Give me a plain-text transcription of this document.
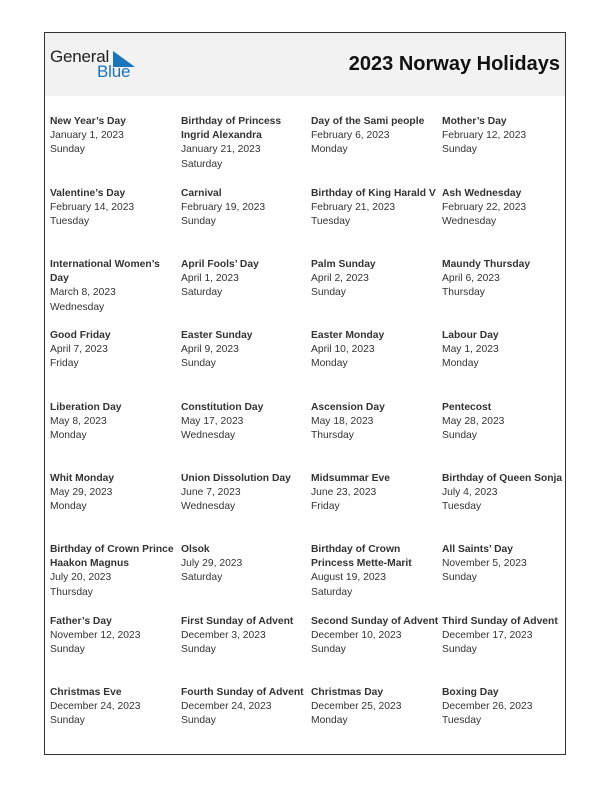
General
Blue	2023 Norway Holidays
New Year’s Day
January 1, 2023
Sunday
Birthday of Princess Ingrid Alexandra
January 21, 2023
Saturday
Day of the Sami people
February 6, 2023
Monday
Mother’s Day
February 12, 2023
Sunday
Valentine’s Day
February 14, 2023
Tuesday
Carnival
February 19, 2023
Sunday
Birthday of King Harald V
February 21, 2023
Tuesday
Ash Wednesday
February 22, 2023
Wednesday
International Women’s Day
March 8, 2023
Wednesday
April Fools’ Day
April 1, 2023
Saturday
Palm Sunday
April 2, 2023
Sunday
Maundy Thursday
April 6, 2023
Thursday
Good Friday
April 7, 2023
Friday
Easter Sunday
April 9, 2023
Sunday
Easter Monday
April 10, 2023
Monday
Labour Day
May 1, 2023
Monday
Liberation Day
May 8, 2023
Monday
Constitution Day
May 17, 2023
Wednesday
Ascension Day
May 18, 2023
Thursday
Pentecost
May 28, 2023
Sunday
Whit Monday
May 29, 2023
Monday
Union Dissolution Day
June 7, 2023
Wednesday
Midsummar Eve
June 23, 2023
Friday
Birthday of Queen Sonja
July 4, 2023
Tuesday
Birthday of Crown Prince Haakon Magnus
July 20, 2023
Thursday
Olsok
July 29, 2023
Saturday
Birthday of Crown Princess Mette-Marit
August 19, 2023
Saturday
All Saints’ Day
November 5, 2023
Sunday
Father’s Day
November 12, 2023
Sunday
First Sunday of Advent
December 3, 2023
Sunday
Second Sunday of Advent
December 10, 2023
Sunday
Third Sunday of Advent
December 17, 2023
Sunday
Christmas Eve
December 24, 2023
Sunday
Fourth Sunday of Advent
December 24, 2023
Sunday
Christmas Day
December 25, 2023
Monday
Boxing Day
December 26, 2023
Tuesday
